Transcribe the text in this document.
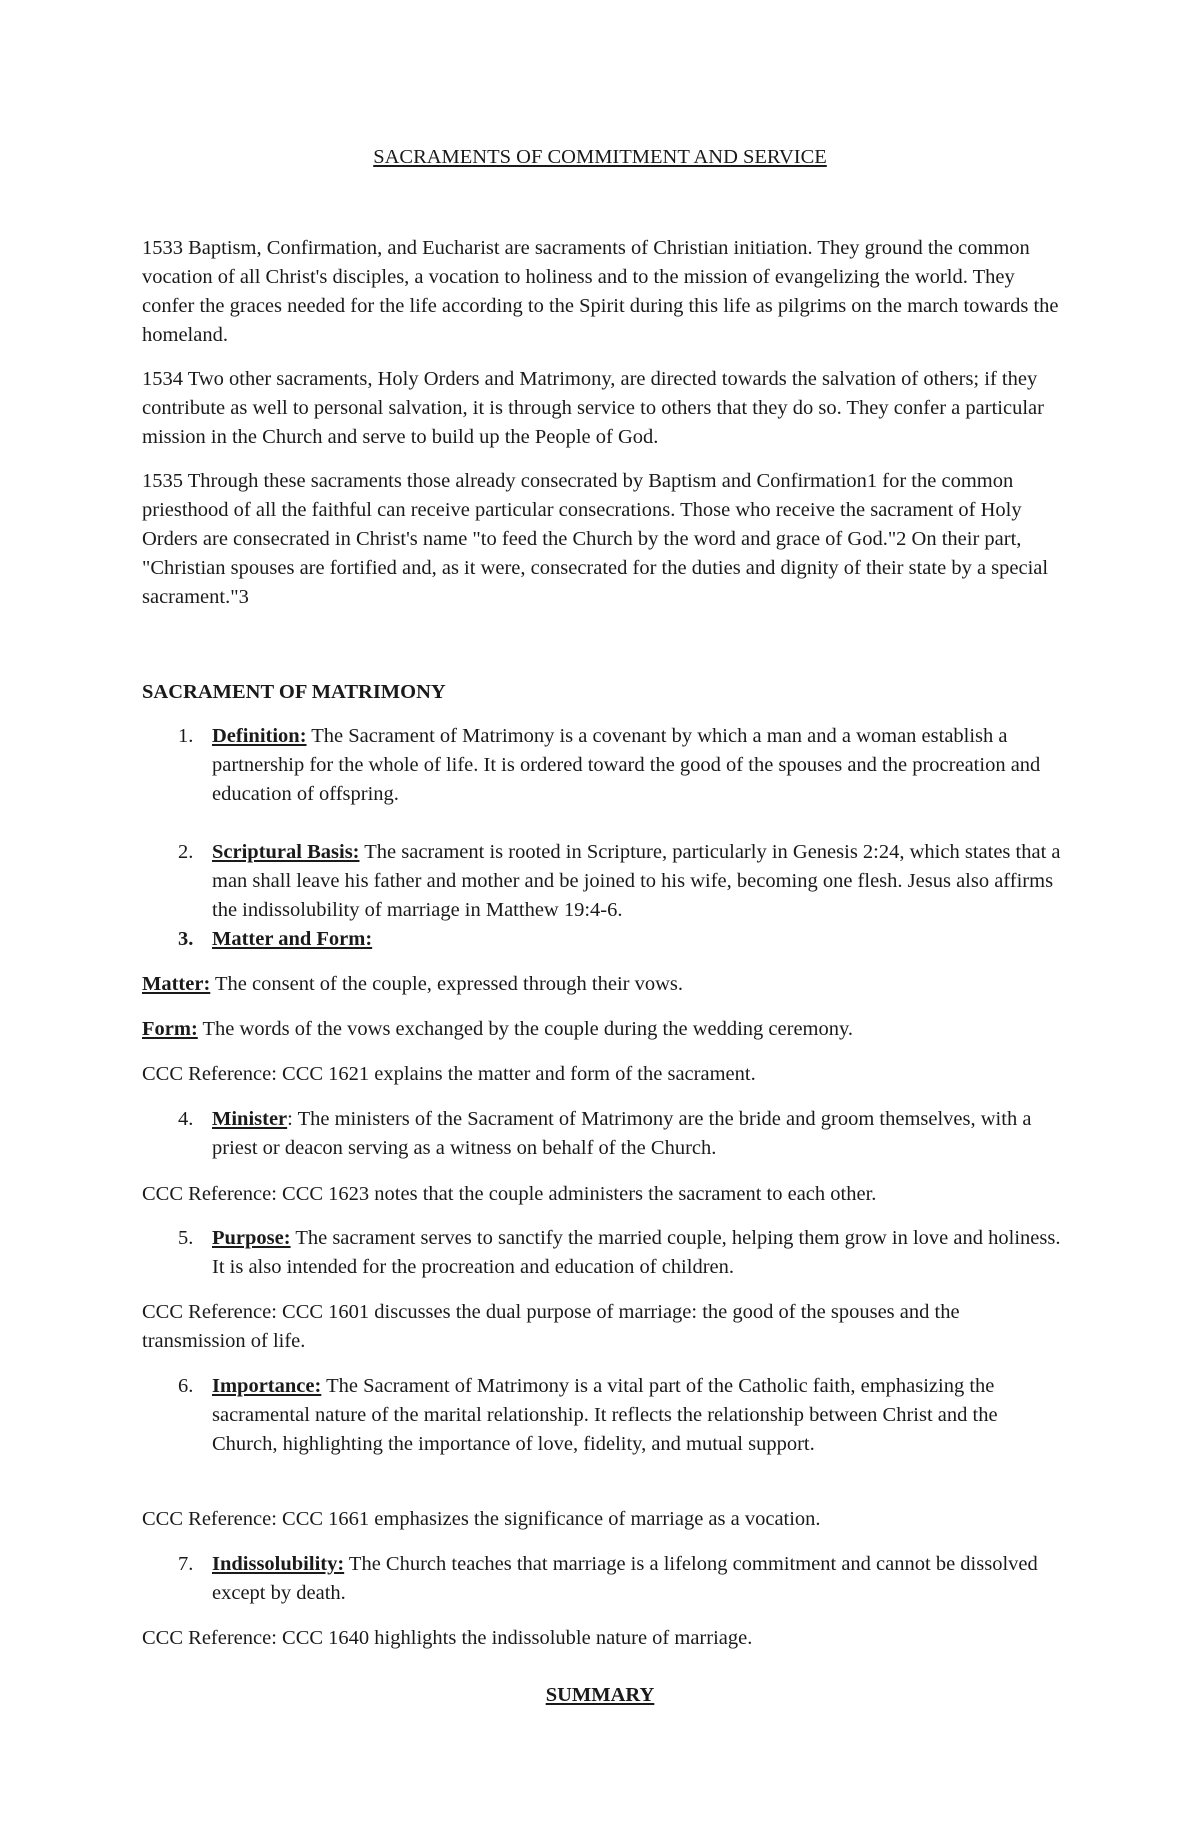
SACRAMENTS OF COMMITMENT AND SERVICE

1533 Baptism, Confirmation, and Eucharist are sacraments of Christian initiation. They ground the common vocation of all Christ's disciples, a vocation to holiness and to the mission of evangelizing the world. They confer the graces needed for the life according to the Spirit during this life as pilgrims on the march towards the homeland.

1534 Two other sacraments, Holy Orders and Matrimony, are directed towards the salvation of others; if they contribute as well to personal salvation, it is through service to others that they do so. They confer a particular mission in the Church and serve to build up the People of God.

1535 Through these sacraments those already consecrated by Baptism and Confirmation1 for the common priesthood of all the faithful can receive particular consecrations. Those who receive the sacrament of Holy Orders are consecrated in Christ's name "to feed the Church by the word and grace of God."2 On their part, "Christian spouses are fortified and, as it were, consecrated for the duties and dignity of their state by a special sacrament."3

SACRAMENT OF MATRIMONY
1. Definition: The Sacrament of Matrimony is a covenant by which a man and a woman establish a partnership for the whole of life. It is ordered toward the good of the spouses and the procreation and education of offspring.
2. Scriptural Basis: The sacrament is rooted in Scripture, particularly in Genesis 2:24, which states that a man shall leave his father and mother and be joined to his wife, becoming one flesh. Jesus also affirms the indissolubility of marriage in Matthew 19:4-6.
3. Matter and Form:

Matter: The consent of the couple, expressed through their vows.

Form: The words of the vows exchanged by the couple during the wedding ceremony.

CCC Reference: CCC 1621 explains the matter and form of the sacrament.

4. Minister: The ministers of the Sacrament of Matrimony are the bride and groom themselves, with a priest or deacon serving as a witness on behalf of the Church.

CCC Reference: CCC 1623 notes that the couple administers the sacrament to each other.

5. Purpose: The sacrament serves to sanctify the married couple, helping them grow in love and holiness. It is also intended for the procreation and education of children.

CCC Reference: CCC 1601 discusses the dual purpose of marriage: the good of the spouses and the transmission of life.

6. Importance: The Sacrament of Matrimony is a vital part of the Catholic faith, emphasizing the sacramental nature of the marital relationship. It reflects the relationship between Christ and the Church, highlighting the importance of love, fidelity, and mutual support.

CCC Reference: CCC 1661 emphasizes the significance of marriage as a vocation.

7. Indissolubility: The Church teaches that marriage is a lifelong commitment and cannot be dissolved except by death.

CCC Reference: CCC 1640 highlights the indissoluble nature of marriage.

SUMMARY
